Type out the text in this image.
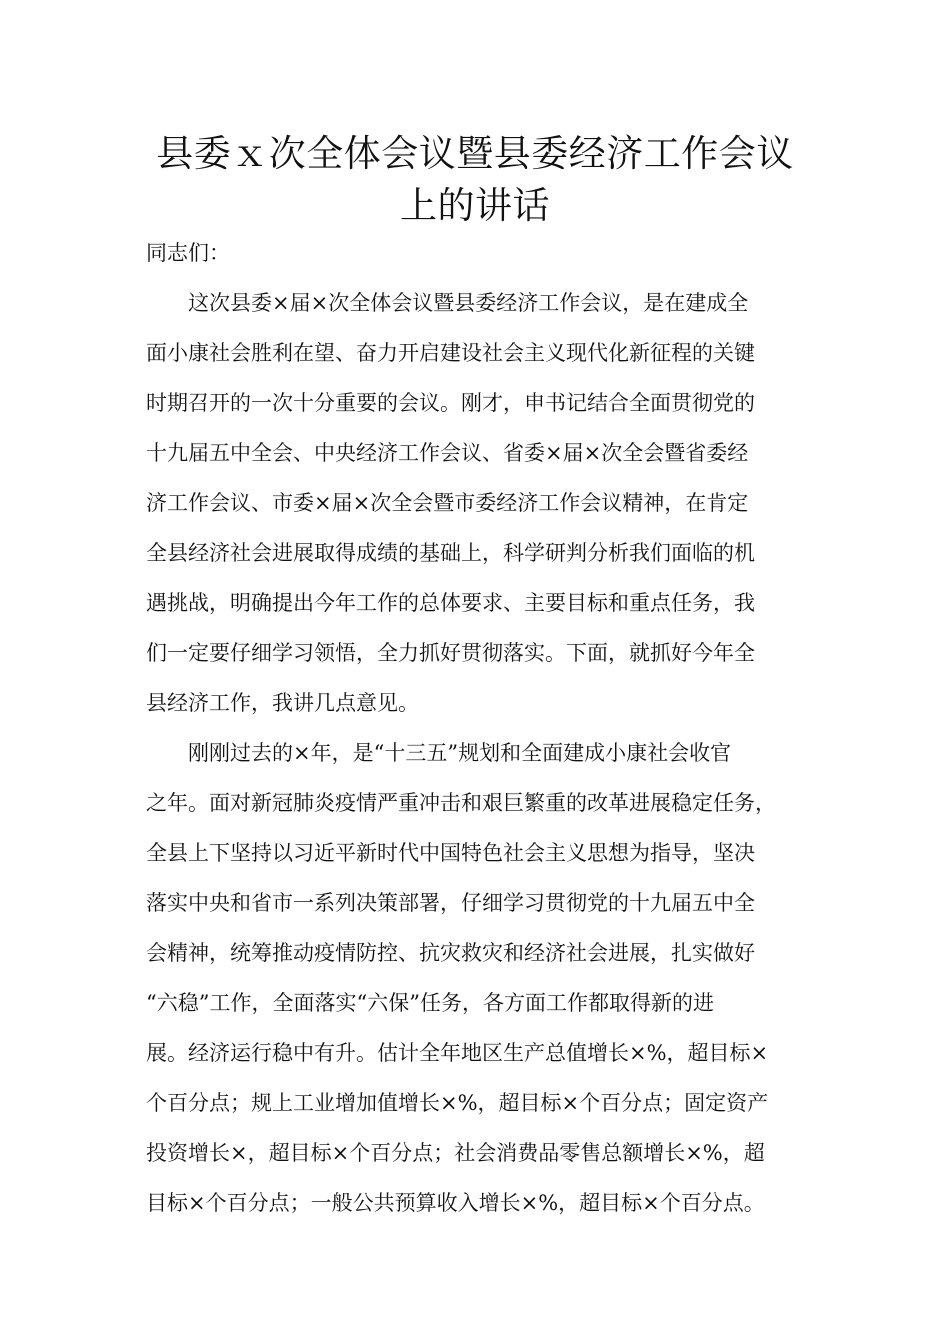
县委ｘ次全体会议暨县委经济工作会议
上的讲话
同志们：
这次县委×届×次全体会议暨县委经济工作会议，是在建成全
面小康社会胜利在望、奋力开启建设社会主义现代化新征程的关键
时期召开的一次十分重要的会议。刚才，申书记结合全面贯彻党的
十九届五中全会、中央经济工作会议、省委×届×次全会暨省委经
济工作会议、市委×届×次全会暨市委经济工作会议精神，在肯定
全县经济社会进展取得成绩的基础上，科学研判分析我们面临的机
遇挑战，明确提出今年工作的总体要求、主要目标和重点任务，我
们一定要仔细学习领悟，全力抓好贯彻落实。下面，就抓好今年全
县经济工作，我讲几点意见。
刚刚过去的×年，是“十三五”规划和全面建成小康社会收官
之年。面对新冠肺炎疫情严重冲击和艰巨繁重的改革进展稳定任务，
全县上下坚持以习近平新时代中国特色社会主义思想为指导，坚决
落实中央和省市一系列决策部署，仔细学习贯彻党的十九届五中全
会精神，统筹推动疫情防控、抗灾救灾和经济社会进展，扎实做好
“六稳”工作，全面落实“六保”任务，各方面工作都取得新的进
展。经济运行稳中有升。估计全年地区生产总值增长×%，超目标×
个百分点；规上工业增加值增长×%，超目标×个百分点；固定资产
投资增长×，超目标×个百分点；社会消费品零售总额增长×%，超
目标×个百分点；一般公共预算收入增长×%，超目标×个百分点。
